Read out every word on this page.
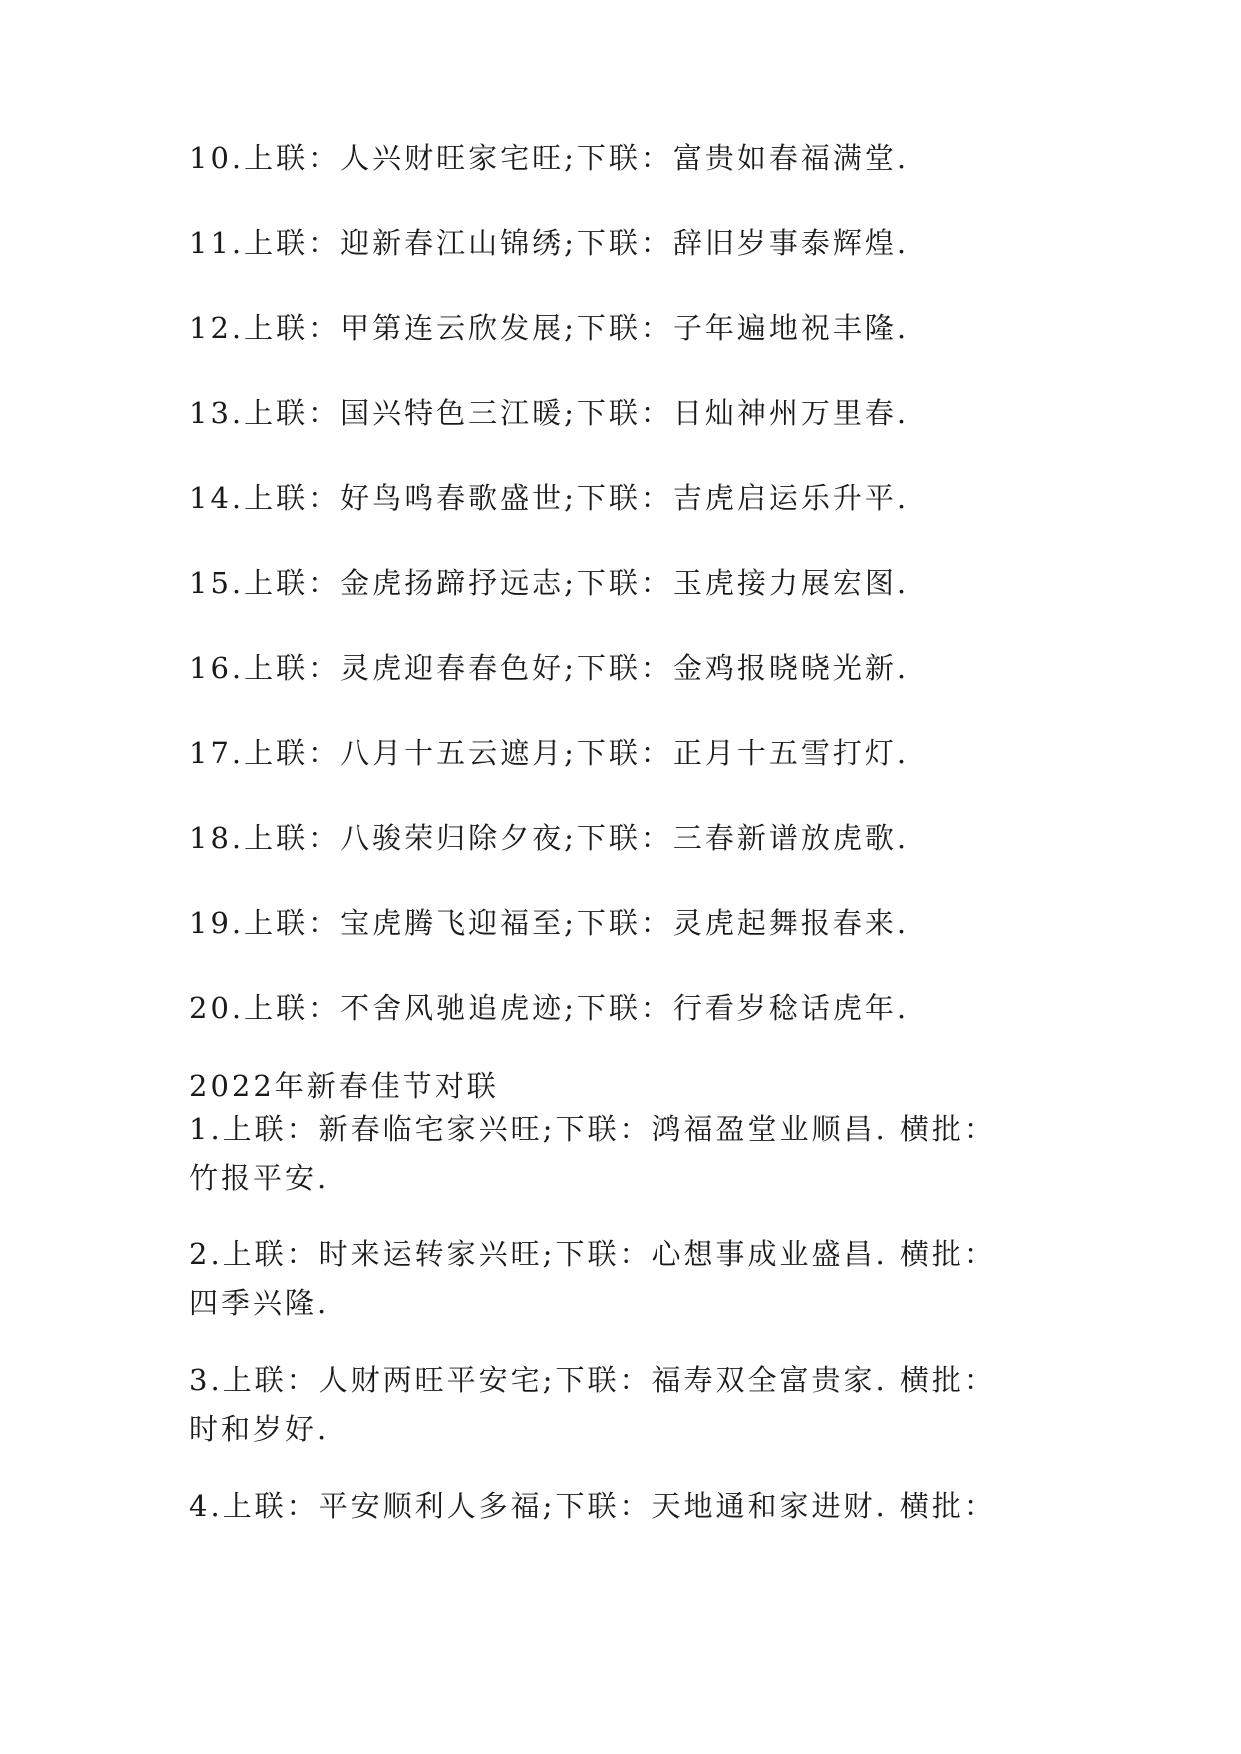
10.上联：人兴财旺家宅旺;下联：富贵如春福满堂.
11.上联：迎新春江山锦绣;下联：辞旧岁事泰辉煌.
12.上联：甲第连云欣发展;下联：子年遍地祝丰隆.
13.上联：国兴特色三江暖;下联：日灿神州万里春.
14.上联：好鸟鸣春歌盛世;下联：吉虎启运乐升平.
15.上联：金虎扬蹄抒远志;下联：玉虎接力展宏图.
16.上联：灵虎迎春春色好;下联：金鸡报晓晓光新.
17.上联：八月十五云遮月;下联：正月十五雪打灯.
18.上联：八骏荣归除夕夜;下联：三春新谱放虎歌.
19.上联：宝虎腾飞迎福至;下联：灵虎起舞报春来.
20.上联：不舍风驰追虎迹;下联：行看岁稔话虎年.
2022年新春佳节对联
1.上联：新春临宅家兴旺;下联：鸿福盈堂业顺昌. 横批：
竹报平安.
2.上联：时来运转家兴旺;下联：心想事成业盛昌. 横批：
四季兴隆.
3.上联：人财两旺平安宅;下联：福寿双全富贵家. 横批：
时和岁好.
4.上联：平安顺利人多福;下联：天地通和家进财. 横批：
